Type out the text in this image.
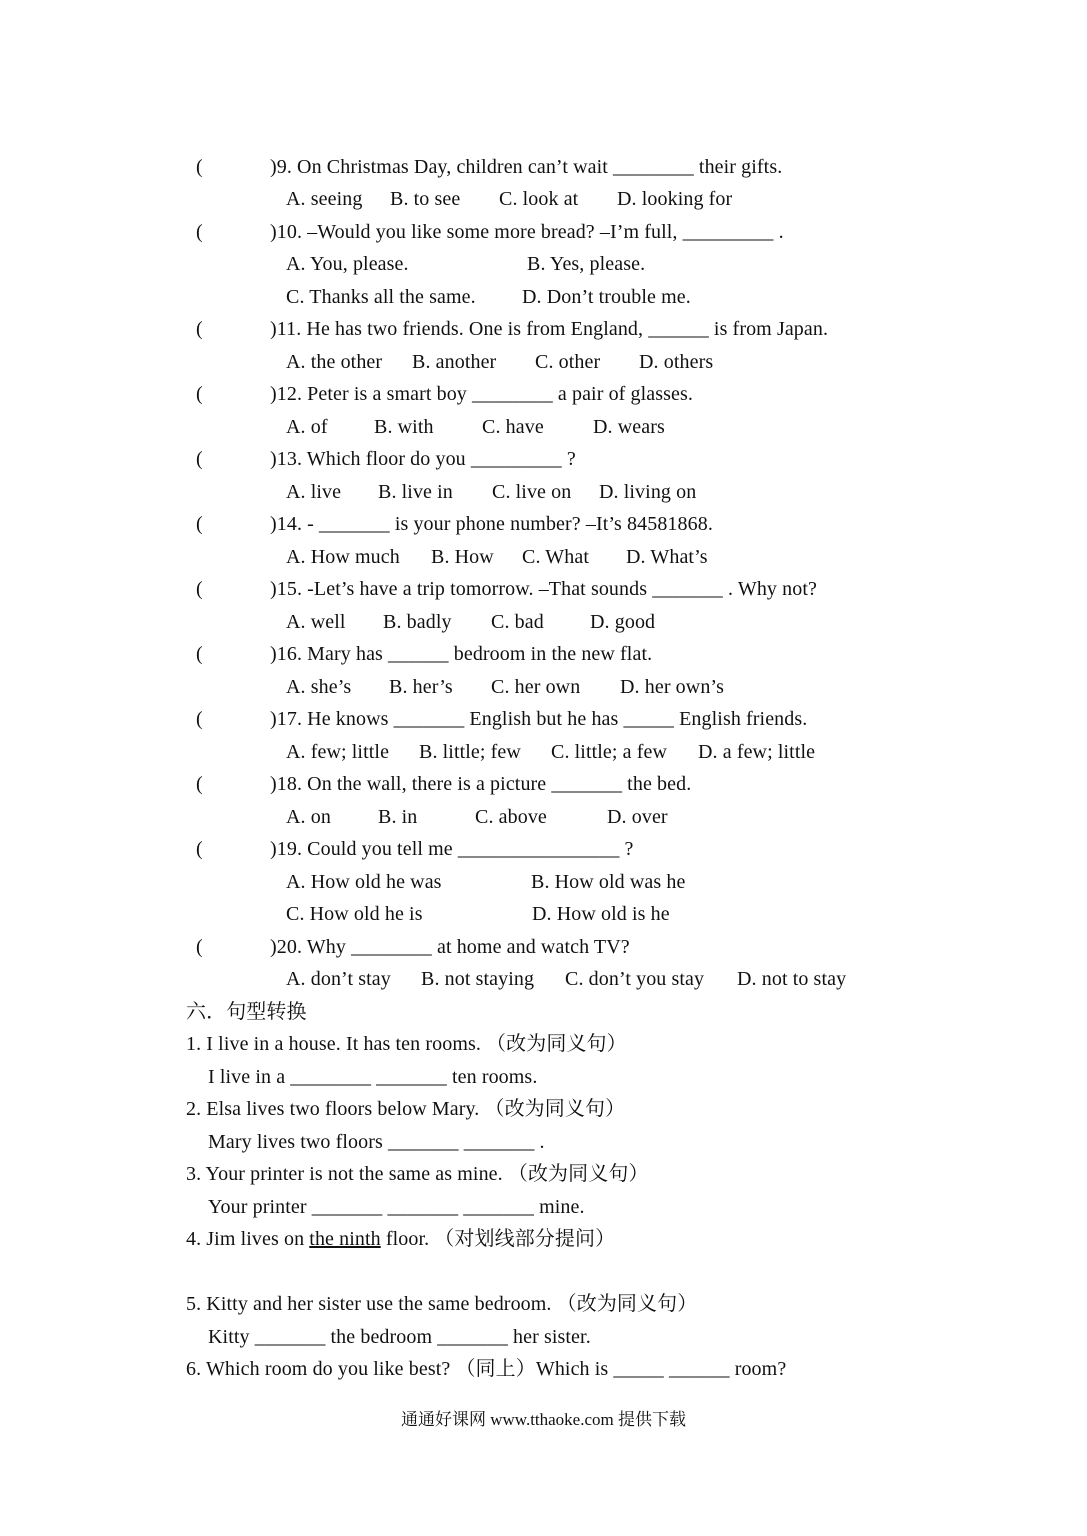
(	)9. On Christmas Day, children can’t wait ________ their gifts.
A. seeing B. to see C. look at D. looking for
(	)10. –Would you like some more bread? –I’m full, _________ .
A. You, please.	B. Yes, please.
C. Thanks all the same. D. Don’t trouble me.
(	)11. He has two friends. One is from England, ______ is from Japan.
A. the other B. another C. other D. others
(	)12. Peter is a smart boy ________ a pair of glasses.
A. of B. with C. have D. wears
(	)13. Which floor do you _________ ?
A. live B. live in C. live on D. living on
(	)14. - _______ is your phone number? –It’s 84581868.
A. How much B. How C. What D. What’s
(	)15. -Let’s have a trip tomorrow. –That sounds _______ . Why not?
A. well B. badly C. bad D. good
(	)16. Mary has ______ bedroom in the new flat.
A. she’s B. her’s C. her own D. her own’s
(	)17. He knows _______ English but he has _____ English friends.
A. few; little B. little; few C. little; a few D. a few; little
(	)18. On the wall, there is a picture _______ the bed.
A. on B. in	C. above	D. over
(	)19. Could you tell me ________________ ?
A. How old he was	B. How old was he
C. How old he is	D. How old is he
(	)20. Why ________ at home and watch TV?
A. don’t stay B. not staying C. don’t you stay D. not to stay
六．句型转换
1. I live in a house. It has ten rooms. （改为同义句）
I live in a ________ _______ ten rooms.
2. Elsa lives two floors below Mary. （改为同义句）
Mary lives two floors _______ _______ .
3. Your printer is not the same as mine. （改为同义句）
Your printer _______ _______ _______ mine.
4. Jim lives on the ninth floor. （对划线部分提问）
5. Kitty and her sister use the same bedroom. （改为同义句）
Kitty _______ the bedroom _______ her sister.
6. Which room do you like best? （同上）Which is _____ ______ room?
通通好课网 www.tthaoke.com 提供下载
